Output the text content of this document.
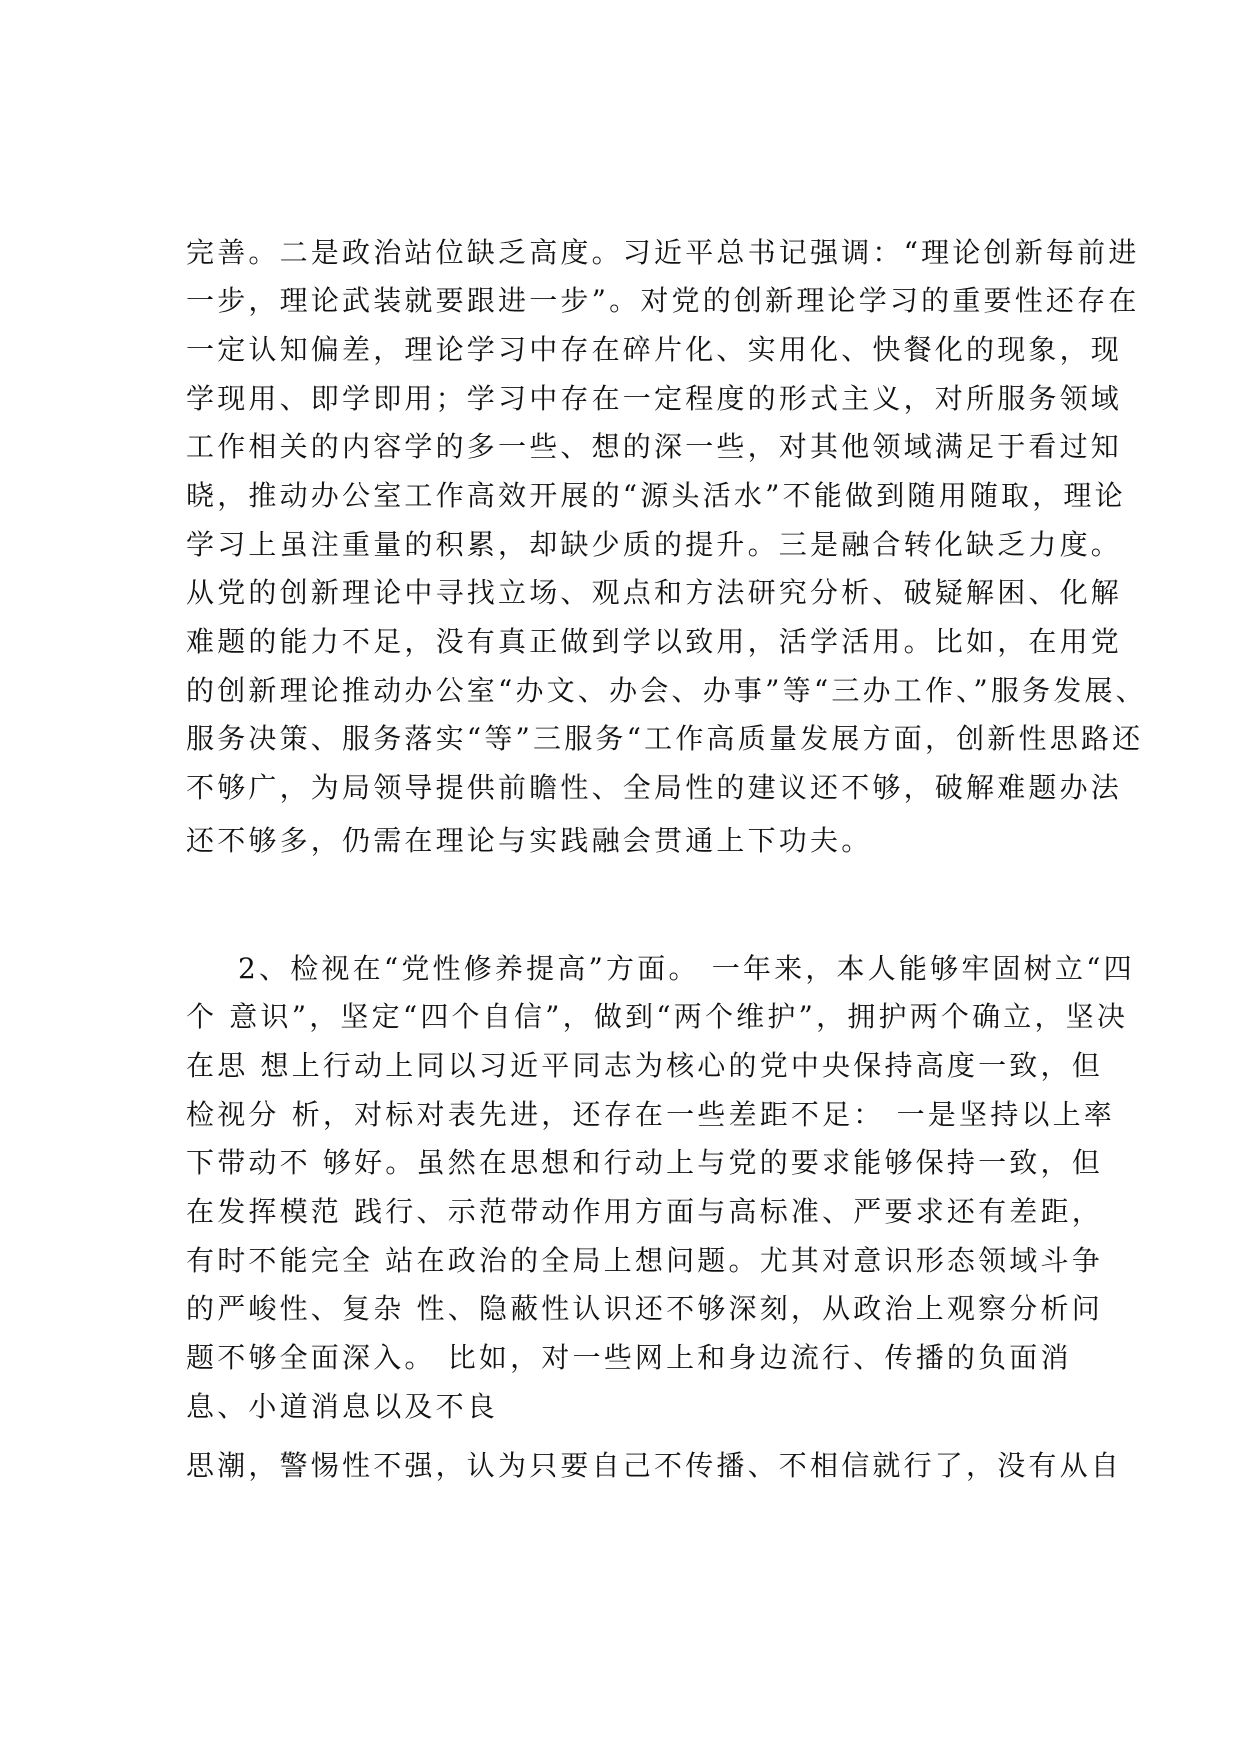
完善。二是政治站位缺乏高度。习近平总书记强调：“理论创新每前进
一步，理论武装就要跟进一步”。对党的创新理论学习的重要性还存在
一定认知偏差，理论学习中存在碎片化、实用化、快餐化的现象，现
学现用、即学即用；学习中存在一定程度的形式主义，对所服务领域
工作相关的内容学的多一些、想的深一些，对其他领域满足于看过知
晓，推动办公室工作高效开展的“源头活水”不能做到随用随取，理论
学习上虽注重量的积累，却缺少质的提升。三是融合转化缺乏力度。
从党的创新理论中寻找立场、观点和方法研究分析、破疑解困、化解
难题的能力不足，没有真正做到学以致用，活学活用。比如，在用党
的创新理论推动办公室“办文、办会、办事”等“三办工作、”服务发展、
服务决策、服务落实“等”三服务“工作高质量发展方面，创新性思路还
不够广，为局领导提供前瞻性、全局性的建议还不够，破解难题办法
还不够多，仍需在理论与实践融会贯通上下功夫。
2、检视在“党性修养提高”方面。 一年来，本人能够牢固树立“四
个 意识”，坚定“四个自信”，做到“两个维护”，拥护两个确立，坚决
在思 想上行动上同以习近平同志为核心的党中央保持高度一致，但
检视分 析，对标对表先进，还存在一些差距不足： 一是坚持以上率
下带动不 够好。虽然在思想和行动上与党的要求能够保持一致，但
在发挥模范 践行、示范带动作用方面与高标准、严要求还有差距，
有时不能完全 站在政治的全局上想问题。尤其对意识形态领域斗争
的严峻性、复杂 性、隐蔽性认识还不够深刻，从政治上观察分析问
题不够全面深入。 比如，对一些网上和身边流行、传播的负面消
息、小道消息以及不良
思潮，警惕性不强，认为只要自己不传播、不相信就行了，没有从自
